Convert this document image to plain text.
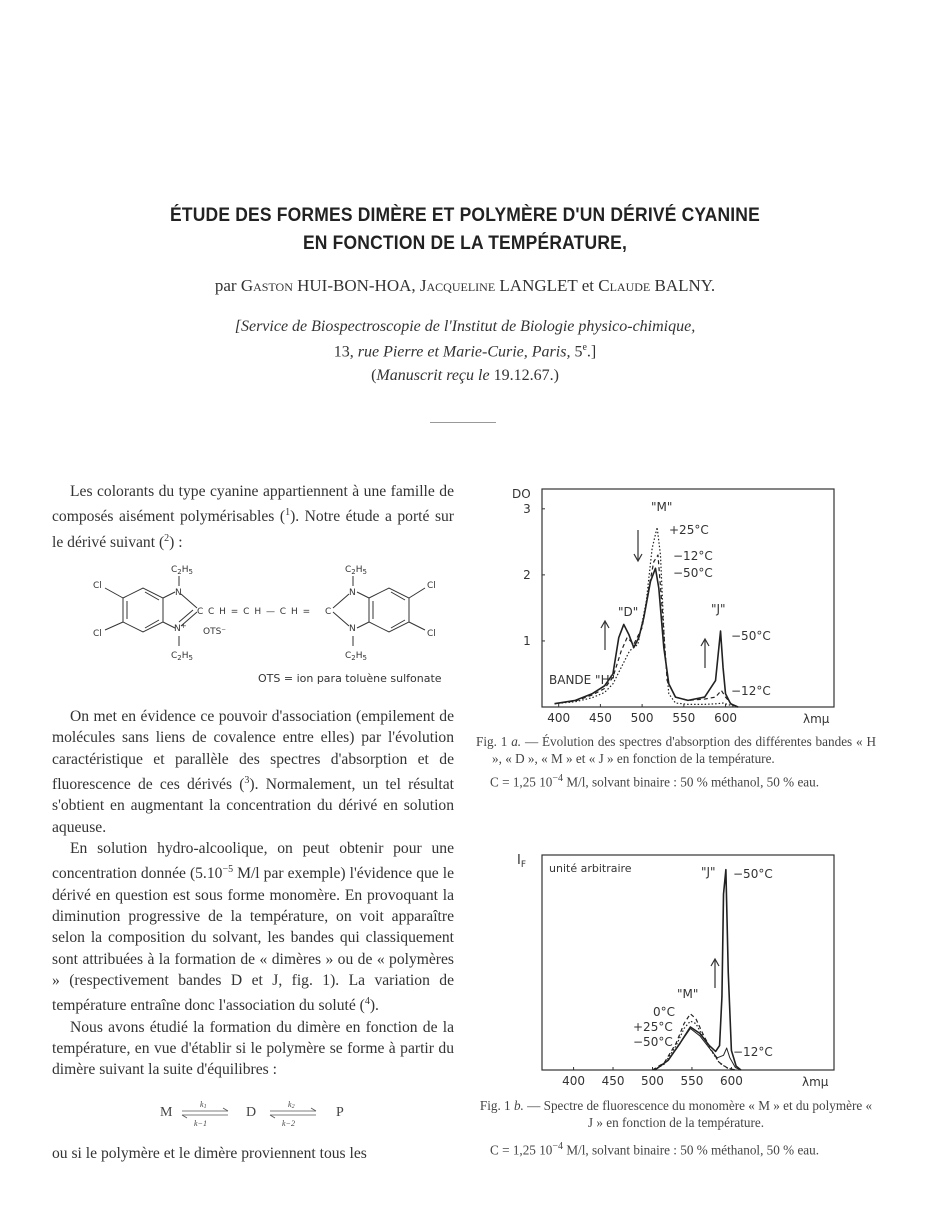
ÉTUDE DES FORMES DIMÈRE ET POLYMÈRE D'UN DÉRIVÉ CYANINE
EN FONCTION DE LA TEMPÉRATURE,
par Gaston HUI-BON-HOA, Jacqueline LANGLET et Claude BALNY.
[Service de Biospectroscopie de l'Institut de Biologie physico-chimique,
13, rue Pierre et Marie-Curie, Paris, 5e.]
(Manuscrit reçu le 19.12.67.)

Les colorants du type cyanine appartiennent à une famille de composés aisément polymérisables ($^1$). Notre étude a porté sur le dérivé suivant ($^2$) :

$C_2H_5$
$C_2H_5$
$C_2H_5$
$C_2H_5$
Cl
Cl
Cl
Cl
N
N+
C C H = C H — C H = C
N
N
OTS⁻
OTS = ion para toluène sulfonate

On met en évidence ce pouvoir d'association (empilement de molécules sans liens de covalence entre elles) par l'évolution caractéristique et parallèle des spectres d'absorption et de fluorescence de ces dérivés ($^3$). Normalement, un tel résultat s'obtient en augmentant la concentration du dérivé en solution aqueuse.

En solution hydro-alcoolique, on peut obtenir pour une concentration donnée ($5.10^{-5}$ M/l par exemple) l'évidence que le dérivé en question est sous forme monomère. En provoquant la diminution progressive de la température, on voit apparaître selon la composition du solvant, les bandes qui classiquement sont attribuées à la formation de « dimères » ou de « polymères » (respectivement bandes D et J, fig. 1). La variation de température entraîne donc l'association du soluté ($^4$).

Nous avons étudié la formation du dimère en fonction de la température, en vue d'établir si le polymère se forme à partir du dimère suivant la suite d'équilibres :

M
k1
k−1
D
k2
k−2
P

ou si le polymère et le dimère proviennent tous les

DO
λmμ
400 450 500 550 600
1
2
3	"M"
"D"	"J"
BANDE "H"
+25°C
−12°C
−50°C
−50°C
−12°C

Fig. 1 a. — Évolution des spectres d'absorption des différentes bandes « H », « D », « M » et « J » en fonction de la température.

C = 1,25 $10^{-4}$ M/l, solvant binaire : 50 % méthanol, 50 % eau.

$I_F$ unité arbitraire
λmμ
400 450 500 550 600
"J" −50°C
"M"
0°C
+25°C
−50°C
−12°C

Fig. 1 b. — Spectre de fluorescence du monomère « M » et du polymère « J » en fonction de la température.

C = 1,25 $10^{-4}$ M/l, solvant binaire : 50 % méthanol, 50 % eau.
